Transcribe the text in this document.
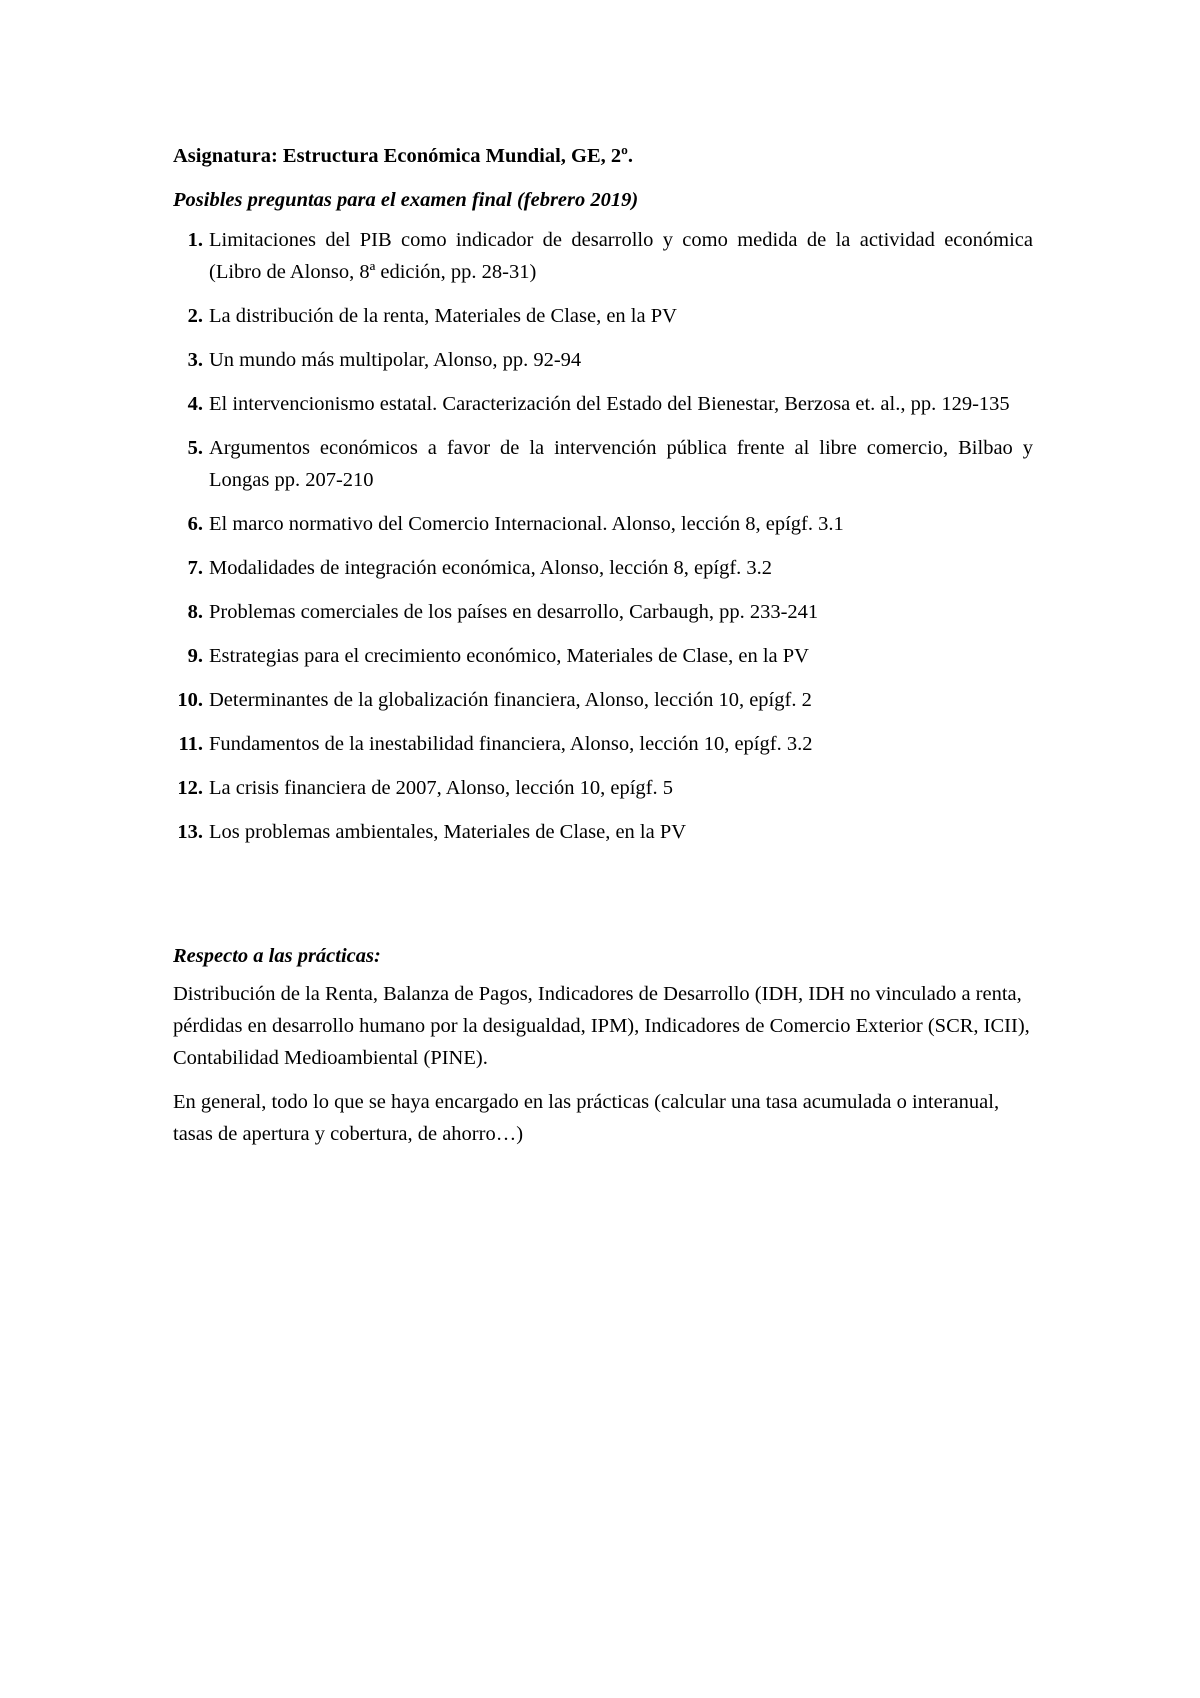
Asignatura: Estructura Económica Mundial, GE, 2º.

Posibles preguntas para el examen final (febrero 2019)

1. Limitaciones del PIB como indicador de desarrollo y como medida de la actividad económica (Libro de Alonso, 8ª edición, pp. 28-31)
2. La distribución de la renta, Materiales de Clase, en la PV
3. Un mundo más multipolar, Alonso, pp. 92-94
4. El intervencionismo estatal. Caracterización del Estado del Bienestar, Berzosa et. al., pp. 129-135
5. Argumentos económicos a favor de la intervención pública frente al libre comercio, Bilbao y Longas pp. 207-210
6. El marco normativo del Comercio Internacional. Alonso, lección 8, epígf. 3.1
7. Modalidades de integración económica, Alonso, lección 8, epígf. 3.2
8. Problemas comerciales de los países en desarrollo, Carbaugh, pp. 233-241
9. Estrategias para el crecimiento económico, Materiales de Clase, en la PV
10. Determinantes de la globalización financiera, Alonso, lección 10, epígf. 2
11. Fundamentos de la inestabilidad financiera, Alonso, lección 10, epígf. 3.2
12. La crisis financiera de 2007, Alonso, lección 10, epígf. 5
13. Los problemas ambientales, Materiales de Clase, en la PV

Respecto a las prácticas:

Distribución de la Renta, Balanza de Pagos, Indicadores de Desarrollo (IDH, IDH no vinculado a renta, pérdidas en desarrollo humano por la desigualdad, IPM), Indicadores de Comercio Exterior (SCR, ICII), Contabilidad Medioambiental (PINE).

En general, todo lo que se haya encargado en las prácticas (calcular una tasa acumulada o interanual, tasas de apertura y cobertura, de ahorro…)
